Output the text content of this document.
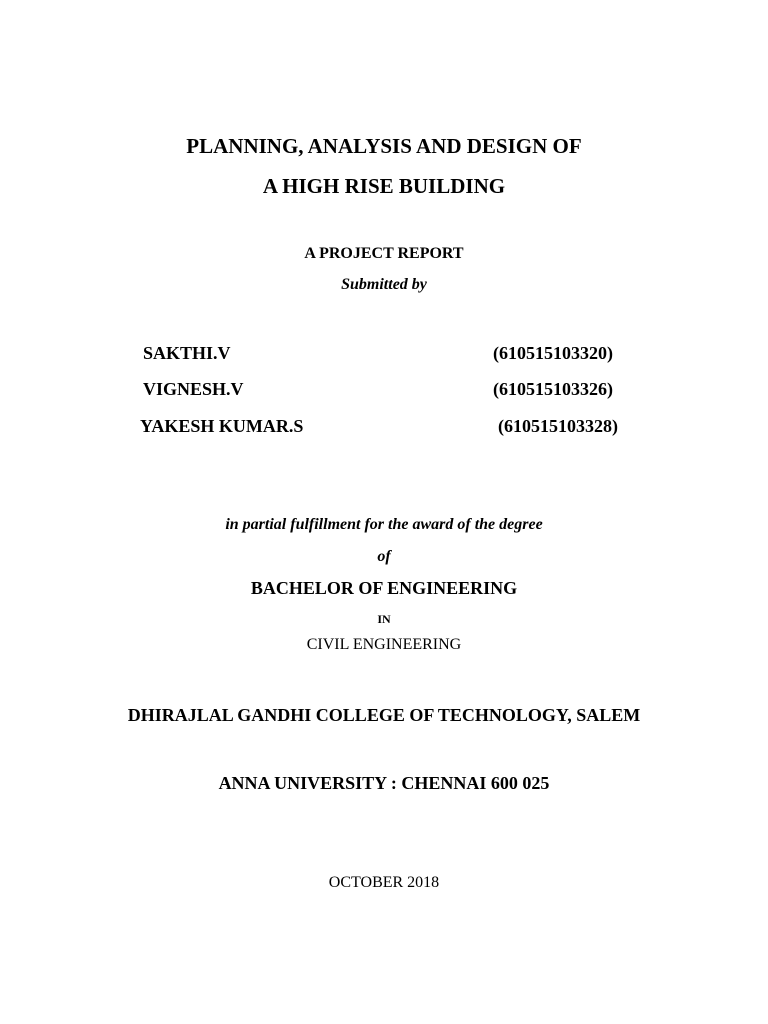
PLANNING, ANALYSIS AND DESIGN OF
A HIGH RISE BUILDING
A PROJECT REPORT
Submitted by
SAKTHI.V	(610515103320)
VIGNESH.V	(610515103326)
YAKESH KUMAR.S	(610515103328)
in partial fulfillment for the award of the degree
of
BACHELOR OF ENGINEERING
IN
CIVIL ENGINEERING
DHIRAJLAL GANDHI COLLEGE OF TECHNOLOGY, SALEM
ANNA UNIVERSITY : CHENNAI 600 025
OCTOBER 2018
